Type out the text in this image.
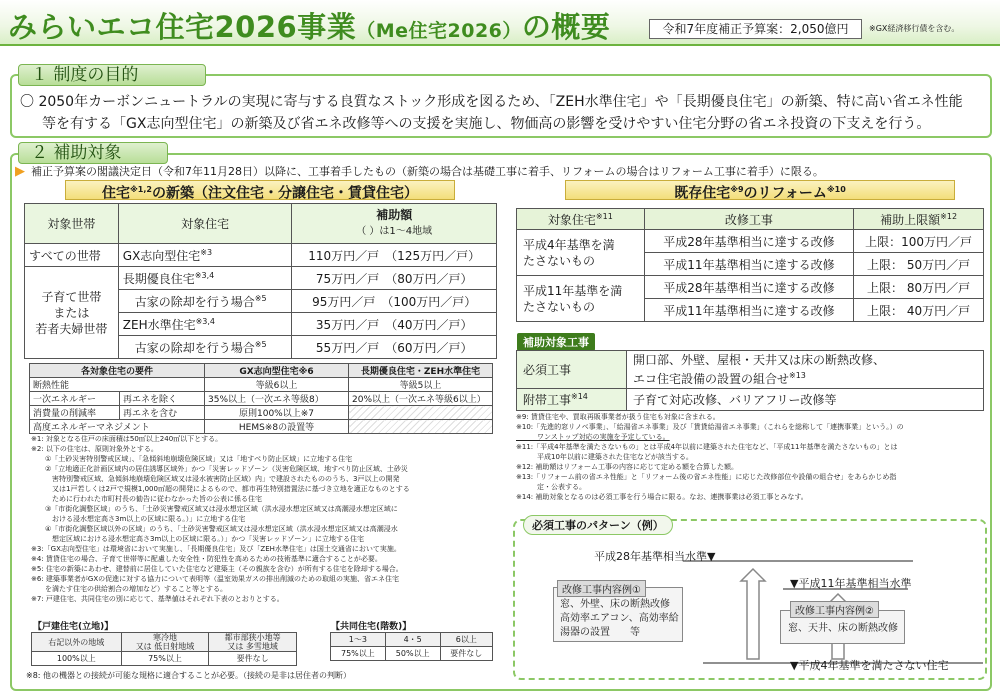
みらいエコ住宅2026事業（Me住宅2026）の概要	令和7年度補正予算案：2,050億円	※GX経済移行債を含む。
１ 制度の目的
〇 2050年カーボンニュートラルの実現に寄与する良質なストック形成を図るため、「ZEH水準住宅」や「長期優良住宅」の新築、特に高い省エネ性能
等を有する「GX志向型住宅」の新築及び省エネ改修等への支援を実施し、物価高の影響を受けやすい住宅分野の省エネ投資の下支えを行う。
２ 補助対象
▶ 補正予算案の閣議決定日（令和7年11月28日）以降に、工事着手したもの（新築の場合は基礎工事に着手、リフォームの場合はリフォーム工事に着手）に限る。
住宅$^{※1,2}$の新築（注文住宅・分譲住宅・賃貸住宅）
対象世帯	対象住宅	補助額
（ ）は1～4地域
すべての世帯	GX志向型住宅$^{※3}$	110万円／戸　（125万円／戸）
子育て世帯
または
若者夫婦世帯	長期優良住宅$^{※3,4}$	75万円／戸　（80万円／戸）
	古家の除却を行う場合$^{※5}$	95万円／戸　（100万円／戸）
	ZEH水準住宅$^{※3,4}$	35万円／戸　（40万円／戸）
	古家の除却を行う場合$^{※5}$	55万円／戸　（60万円／戸）
各対象住宅の要件		GX志向型住宅※6	長期優良住宅・ZEH水準住宅
断熱性能		等級6以上	等級5以上
一次エネルギー	再エネを除く	35%以上（一次エネ等級8）	20%以上（一次エネ等級6以上）
消費量の削減率	再エネを含む	原則100%以上※7	
高度エネルギーマネジメント		HEMS※8の設置等	
※1: 対象となる住戸の床面積は50㎡以上240㎡以下とする。
※2: 以下の住宅は、原則対象外とする。
　　①「土砂災害特別警戒区域」、「急傾斜地崩壊危険区域」又は「地すべり防止区域」に立地する住宅
　　②「立地適正化計画区域内の居住誘導区域外」かつ「災害レッドゾーン（災害危険区域、地すべり防止区域、土砂災
　　　害特別警戒区域、急傾斜地崩壊危険区域又は浸水被害防止区域）内」で建設されたもののうち、3戸以上の開発
　　　又は1戸若しくは2戸で規模1,000㎡超の開発によるもので、都市再生特別措置法に基づき立地を適正なものとする
　　　ために行われた市町村長の勧告に従わなかった旨の公表に係る住宅
　　③「市街化調整区域」のうち、「土砂災害警戒区域又は浸水想定区域（洪水浸水想定区域又は高潮浸水想定区域に
　　　おける浸水想定高さ3m以上の区域に限る。）」に立地する住宅
　　④「市街化調整区域以外の区域」のうち、「土砂災害警戒区域又は浸水想定区域（洪水浸水想定区域又は高潮浸水
　　　想定区域における浸水想定高さ3m以上の区域に限る。）」かつ「災害レッドゾーン」に立地する住宅
※3:「GX志向型住宅」は環境省において実施し、「長期優良住宅」及び「ZEH水準住宅」は国土交通省において実施。
※4: 賃貸住宅の場合、子育て世帯等に配慮した安全性・防犯性を高めるための技術基準に適合することが必要。
※5: 住宅の新築にあわせ、建替前に居住していた住宅など建築主（その親族を含む）が所有する住宅を除却する場合。
※6: 建築事業者がGXの促進に対する協力について表明等（温室効果ガスの排出削減のための取組の実施、省エネ住宅
　　を満たす住宅の供給割合の増加など）すること等とする。
※7: 戸建住宅、共同住宅の別に応じて、基準値はそれぞれ下表のとおりとする。
【戸建住宅(立地)】
右記以外の地域	寒冷地
又は 低日射地域	都市部狭小地等
又は 多雪地域
100%以上	75%以上	要件なし
【共同住宅(階数)】
1～3	4・5	6以上
75%以上	50%以上	要件なし
※8: 他の機器との接続が可能な規格に適合することが必要。（接続の是非は居住者の判断）
既存住宅$^{※9}$のリフォーム$^{※10}$
対象住宅$^{※11}$	改修工事	補助上限額$^{※12}$
平成4年基準を満
たさないもの	平成28年基準相当に達する改修	上限：100万円／戸
	平成11年基準相当に達する改修	上限： 50万円／戸
平成11年基準を満
たさないもの	平成28年基準相当に達する改修	上限： 80万円／戸
	平成11年基準相当に達する改修	上限： 40万円／戸
補助対象工事
必須工事	開口部、外壁、屋根・天井又は床の断熱改修、
エコ住宅設備の設置の組合せ$^{※13}$
附帯工事$^{※14}$	子育て対応改修、バリアフリー改修等
※9: 賃貸住宅や、買取再販事業者が扱う住宅も対象に含まれる。
※10:「先進的窓リノベ事業」、「給湯省エネ事業」及び「賃貸給湯省エネ事業」（これらを総称して「連携事業」という。）の
　　　ワンストップ対応の実施を予定している。
※11:「平成4年基準を満たさないもの」とは平成4年以前に建築された住宅など、「平成11年基準を満たさないもの」とは
　　　平成10年以前に建築された住宅などが該当する。
※12: 補助額はリフォーム工事の内容に応じて定める額を合算した額。
※13:「リフォーム前の省エネ性能」と「リフォーム後の省エネ性能」に応じた改修部位や設備の組合せ」をあらかじめ指
　　　定・公表する。
※14: 補助対象となるのは必須工事を行う場合に限る。なお、連携事業は必須工事とみなす。
必須工事のパターン（例）
平成28年基準相当水準▼
▼平成11年基準相当水準
▼平成4年基準を満たさない住宅
改修工事内容例①
窓、外壁、床の断熱改修
高効率エアコン、高効率給
湯器の設置　　等
改修工事内容例②
窓、天井、床の断熱改修
